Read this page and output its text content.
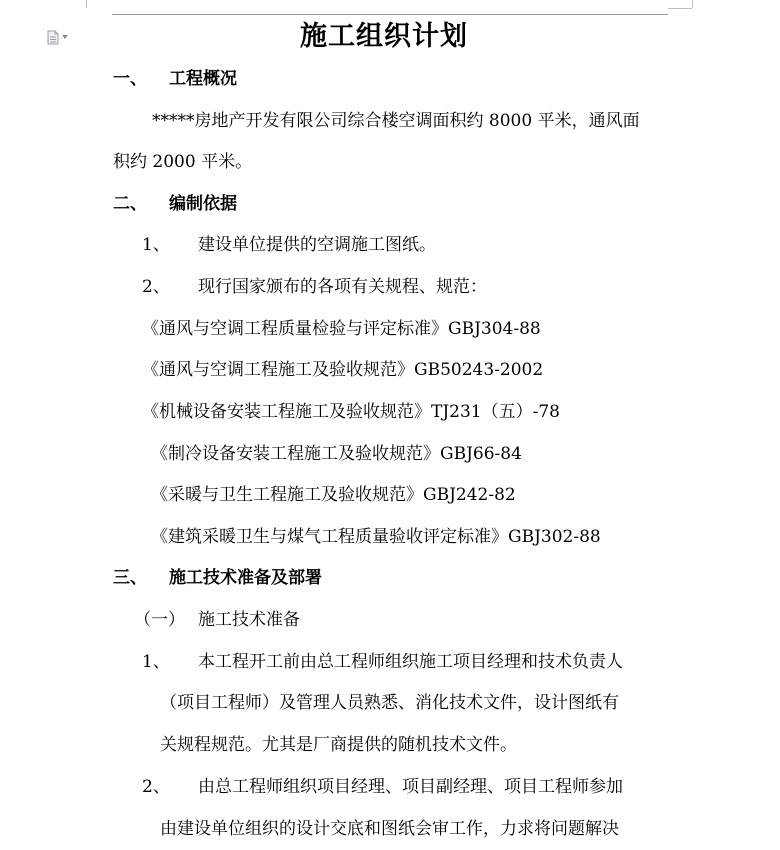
施工组织计划
一、 工程概况
*****房地产开发有限公司综合楼空调面积约 8000 平米，通风面
积约 2000 平米。
二、 编制依据
1、 建设单位提供的空调施工图纸。
2、 现行国家颁布的各项有关规程、规范：
《通风与空调工程质量检验与评定标准》GBJ304-88
《通风与空调工程施工及验收规范》GB50243-2002
《机械设备安装工程施工及验收规范》TJ231（五）-78
《制冷设备安装工程施工及验收规范》GBJ66-84
《采暖与卫生工程施工及验收规范》GBJ242-82
《建筑采暖卫生与煤气工程质量验收评定标准》GBJ302-88
三、 施工技术准备及部署
（一） 施工技术准备
1、 本工程开工前由总工程师组织施工项目经理和技术负责人
（项目工程师）及管理人员熟悉、消化技术文件，设计图纸有
关规程规范。尤其是厂商提供的随机技术文件。
2、 由总工程师组织项目经理、项目副经理、项目工程师参加
由建设单位组织的设计交底和图纸会审工作，力求将问题解决
